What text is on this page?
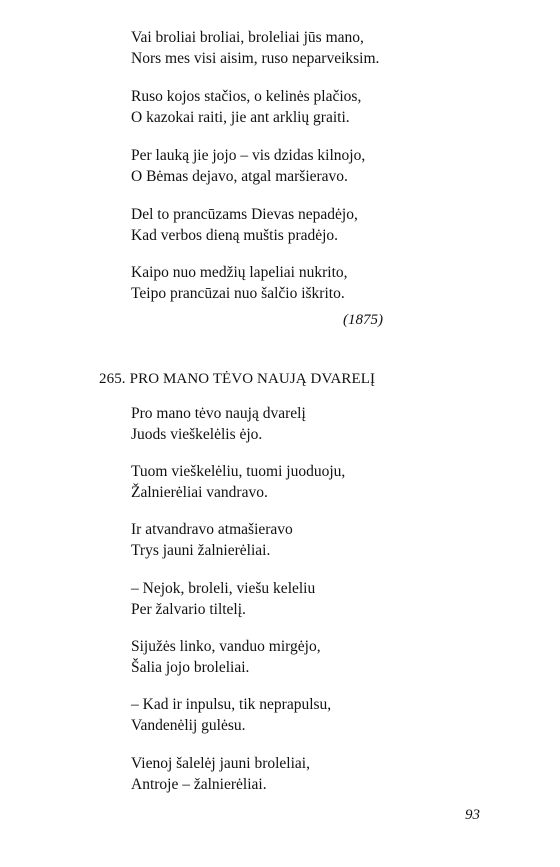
Vai broliai broliai, broleliai jūs mano,
Nors mes visi aisim, ruso neparveiksim.
Ruso kojos stačios, o kelinės plačios,
O kazokai raiti, jie ant arklių graiti.
Per lauką jie jojo – vis dzidas kilnojo,
O Bėmas dejavo, atgal maršieravo.
Del to prancūzams Dievas nepadėjo,
Kad verbos dieną muštis pradėjo.
Kaipo nuo medžių lapeliai nukrito,
Teipo prancūzai nuo šalčio iškrito.
(1875)
265. PRO MANO TĖVO NAUJĄ DVARELĮ
Pro mano tėvo naują dvarelį
Juods vieškelėlis ėjo.
Tuom vieškelėliu, tuomi juoduoju,
Žalnierėliai vandravo.
Ir atvandravo atmašieravo
Trys jauni žalnierėliai.
– Nejok, broleli, viešu keleliu
Per žalvario tiltelį.
Sijužės linko, vanduo mirgėjo,
Šalia jojo broleliai.
– Kad ir inpulsu, tik neprapulsu,
Vandenėlij gulėsu.
Vienoj šalelėj jauni broleliai,
Antroje – žalnierėliai.
93
